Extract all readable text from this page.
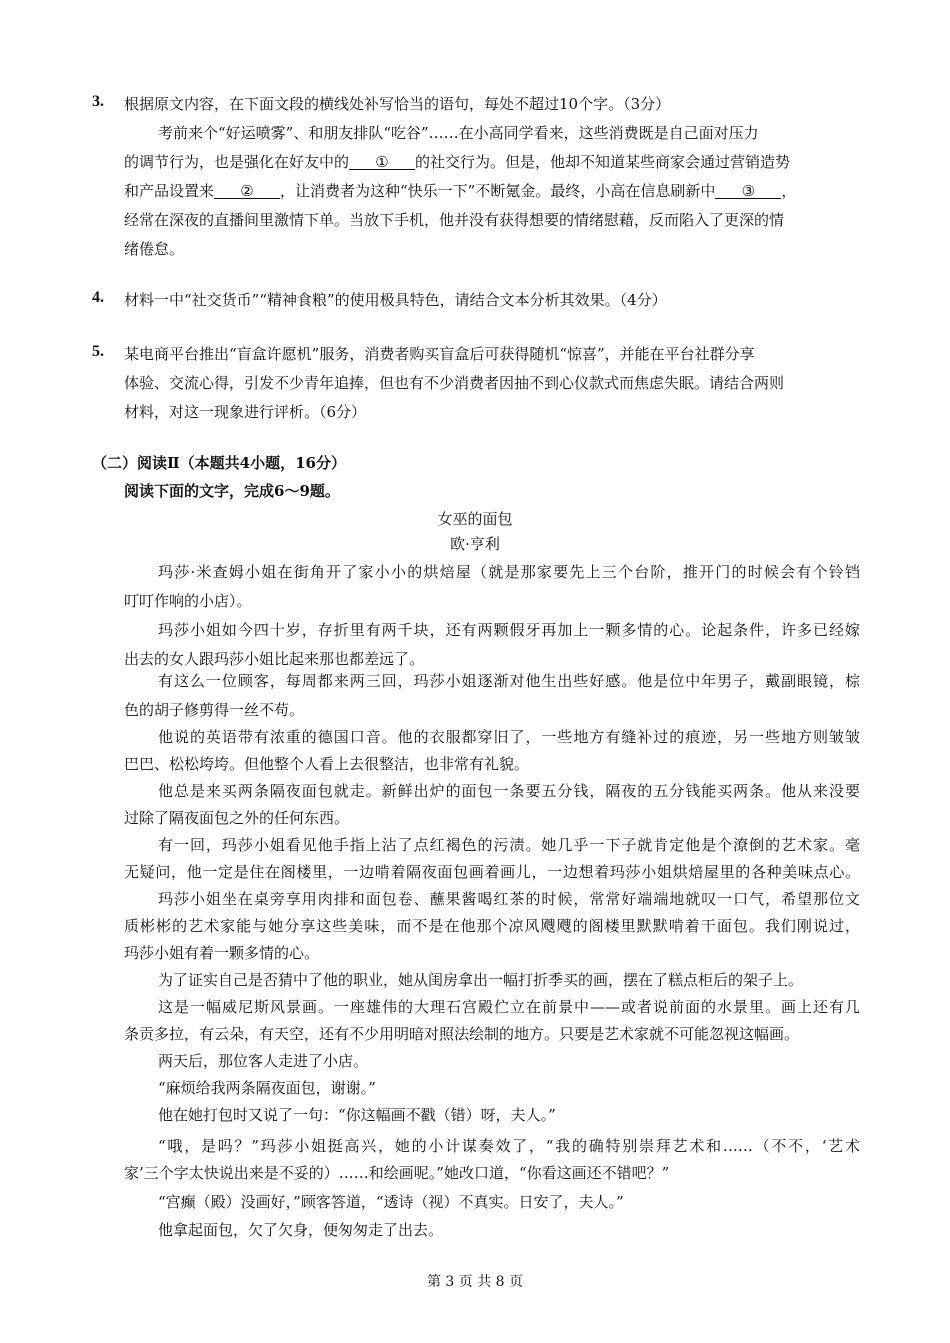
3. 根据原文内容，在下面文段的横线处补写恰当的语句，每处不超过10个字。（3分）
考前来个“好运喷雾”、和朋友排队“吃谷”……在小高同学看来，这些消费既是自己面对压力
的调节行为，也是强化在好友中的 ① 的社交行为。但是，他却不知道某些商家会通过营销造势
和产品设置来 ② ，让消费者为这种“快乐一下”不断氪金。最终，小高在信息刷新中 ③ ，
经常在深夜的直播间里激情下单。当放下手机，他并没有获得想要的情绪慰藉，反而陷入了更深的情
绪倦怠。
4. 材料一中“社交货币”“精神食粮”的使用极具特色，请结合文本分析其效果。（4分）
5. 某电商平台推出“盲盒许愿机”服务，消费者购买盲盒后可获得随机“惊喜”，并能在平台社群分享
体验、交流心得，引发不少青年追捧，但也有不少消费者因抽不到心仪款式而焦虑失眠。请结合两则
材料，对这一现象进行评析。（6分）
（二）阅读Ⅱ（本题共4小题，16分）
阅读下面的文字，完成6～9题。
女巫的面包
欧·亨利
玛莎·米查姆小姐在街角开了家小小的烘焙屋（就是那家要先上三个台阶，推开门的时候会有个铃铛
叮叮作响的小店）。
玛莎小姐如今四十岁，存折里有两千块，还有两颗假牙再加上一颗多情的心。论起条件，许多已经嫁
出去的女人跟玛莎小姐比起来那也都差远了。
有这么一位顾客，每周都来两三回，玛莎小姐逐渐对他生出些好感。他是位中年男子，戴副眼镜，棕
色的胡子修剪得一丝不苟。
他说的英语带有浓重的德国口音。他的衣服都穿旧了，一些地方有缝补过的痕迹，另一些地方则皱皱
巴巴、松松垮垮。但他整个人看上去很整洁，也非常有礼貌。
他总是来买两条隔夜面包就走。新鲜出炉的面包一条要五分钱，隔夜的五分钱能买两条。他从来没要
过除了隔夜面包之外的任何东西。
有一回，玛莎小姐看见他手指上沾了点红褐色的污渍。她几乎一下子就肯定他是个潦倒的艺术家。毫
无疑问，他一定是住在阁楼里，一边啃着隔夜面包画着画儿，一边想着玛莎小姐烘焙屋里的各种美味点心。
玛莎小姐坐在桌旁享用肉排和面包卷、蘸果酱喝红茶的时候，常常好端端地就叹一口气，希望那位文
质彬彬的艺术家能与她分享这些美味，而不是在他那个凉风飕飕的阁楼里默默啃着干面包。我们刚说过，
玛莎小姐有着一颗多情的心。
为了证实自己是否猜中了他的职业，她从闺房拿出一幅打折季买的画，摆在了糕点柜后的架子上。
这是一幅威尼斯风景画。一座雄伟的大理石宫殿伫立在前景中——或者说前面的水景里。画上还有几
条贡多拉，有云朵，有天空，还有不少用明暗对照法绘制的地方。只要是艺术家就不可能忽视这幅画。
两天后，那位客人走进了小店。
“麻烦给我两条隔夜面包，谢谢。”
他在她打包时又说了一句：“你这幅画不戳（错）呀，夫人。”
“哦，是吗？”玛莎小姐挺高兴，她的小计谋奏效了，“我的确特别崇拜艺术和……（不不，‘艺术
家’三个字太快说出来是不妥的）……和绘画呢。”她改口道，“你看这画还不错吧？”
“宫癫（殿）没画好，”顾客答道，“透诗（视）不真实。日安了，夫人。”
他拿起面包，欠了欠身，便匆匆走了出去。
第 3 页 共 8 页
